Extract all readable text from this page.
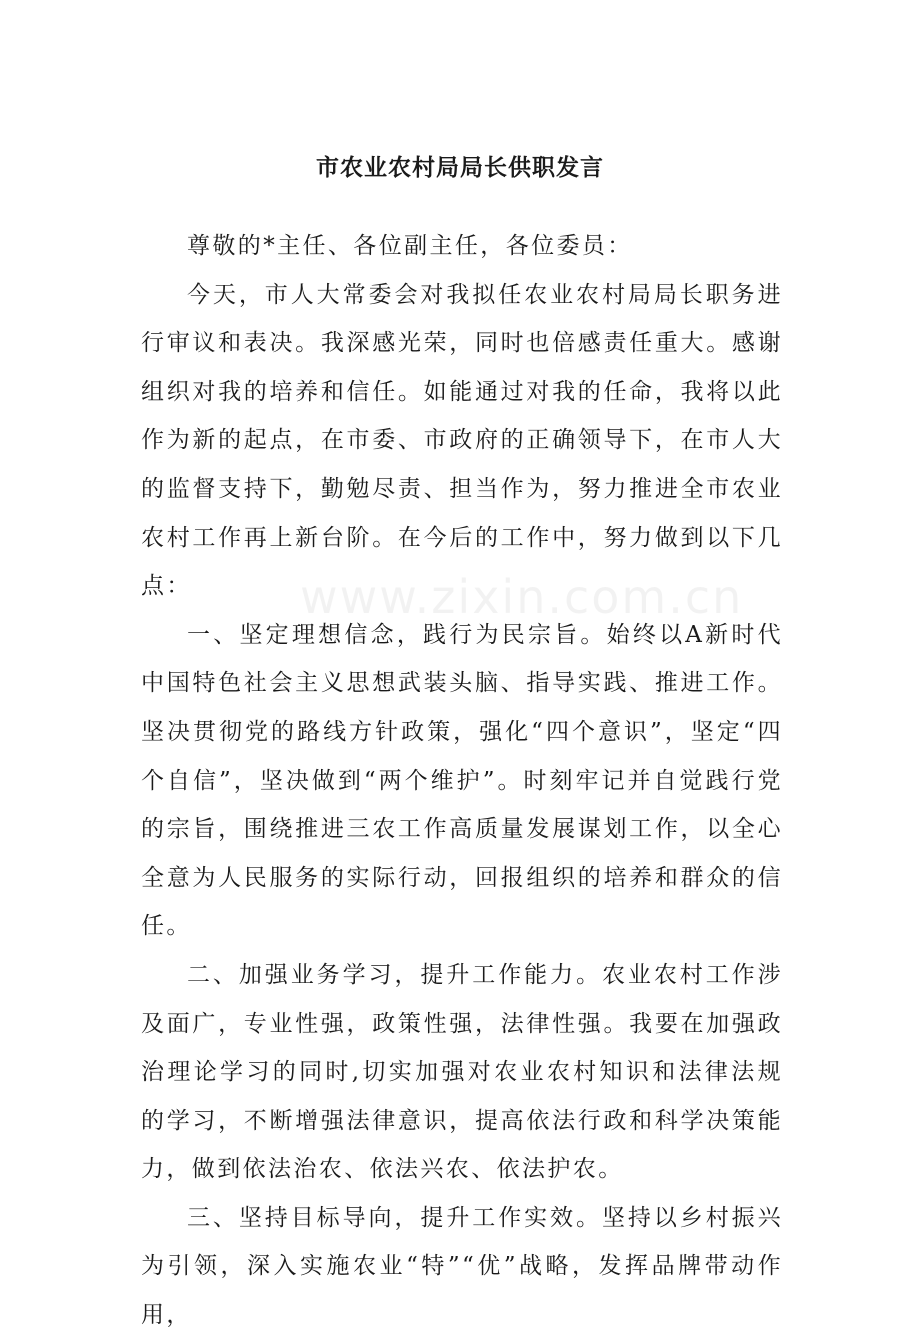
市农业农村局局长供职发言

尊敬的*主任、各位副主任，各位委员：

今天，市人大常委会对我拟任农业农村局局长职务进行审议和表决。我深感光荣，同时也倍感责任重大。感谢组织对我的培养和信任。如能通过对我的任命，我将以此作为新的起点，在市委、市政府的正确领导下，在市人大的监督支持下，勤勉尽责、担当作为，努力推进全市农业农村工作再上新台阶。在今后的工作中，努力做到以下几点：

一、坚定理想信念，践行为民宗旨。始终以A新时代中国特色社会主义思想武装头脑、指导实践、推进工作。坚决贯彻党的路线方针政策，强化“四个意识”，坚定“四个自信”，坚决做到“两个维护”。时刻牢记并自觉践行党的宗旨，围绕推进三农工作高质量发展谋划工作，以全心全意为人民服务的实际行动，回报组织的培养和群众的信任。

二、加强业务学习，提升工作能力。农业农村工作涉及面广，专业性强，政策性强，法律性强。我要在加强政治理论学习的同时,切实加强对农业农村知识和法律法规的学习，不断增强法律意识，提高依法行政和科学决策能力，做到依法治农、依法兴农、依法护农。

三、坚持目标导向，提升工作实效。坚持以乡村振兴为引领，深入实施农业“特”“优”战略，发挥品牌带动作用，

www.zixin.com.cn
